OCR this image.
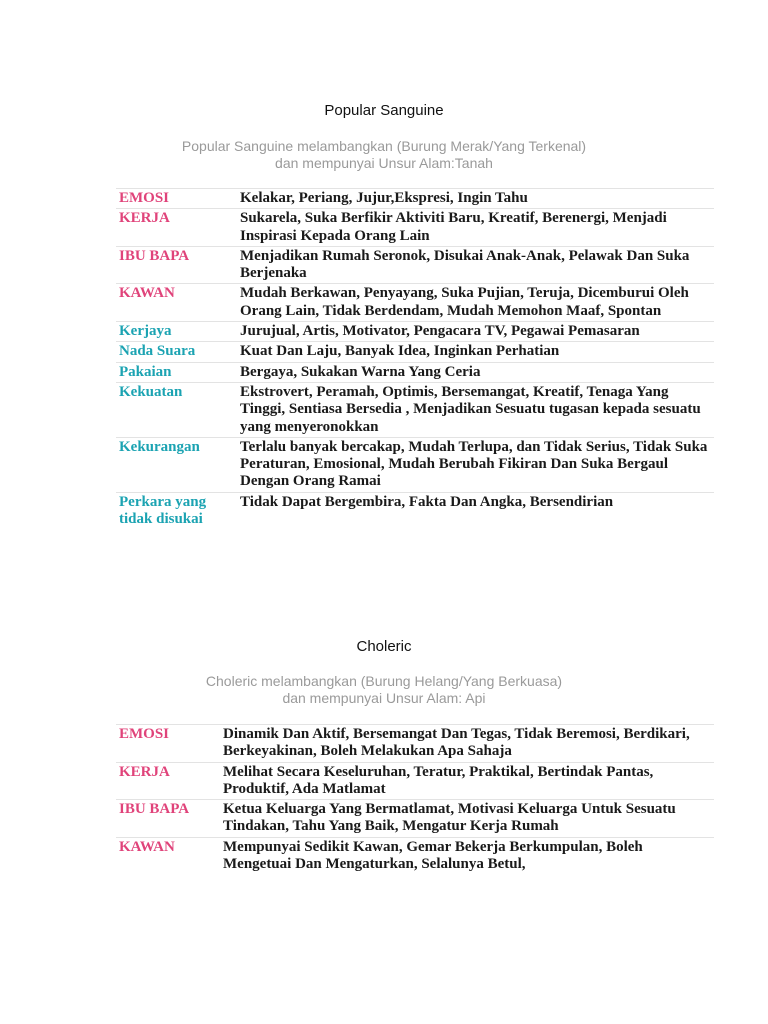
Popular Sanguine
Popular Sanguine melambangkan (Burung Merak/Yang Terkenal)
dan mempunyai Unsur Alam:Tanah
EMOSI	Kelakar, Periang, Jujur,Ekspresi, Ingin Tahu
KERJA	Sukarela, Suka Berfikir Aktiviti Baru, Kreatif, Berenergi, Menjadi Inspirasi Kepada Orang Lain
IBU BAPA	Menjadikan Rumah Seronok, Disukai Anak-Anak, Pelawak Dan Suka Berjenaka
KAWAN	Mudah Berkawan, Penyayang, Suka Pujian, Teruja, Dicemburui Oleh Orang Lain, Tidak Berdendam, Mudah Memohon Maaf, Spontan
Kerjaya	Jurujual, Artis, Motivator, Pengacara TV, Pegawai Pemasaran
Nada Suara	Kuat Dan Laju, Banyak Idea, Inginkan Perhatian
Pakaian	Bergaya, Sukakan Warna Yang Ceria
Kekuatan	Ekstrovert, Peramah, Optimis, Bersemangat, Kreatif, Tenaga Yang Tinggi, Sentiasa Bersedia , Menjadikan Sesuatu tugasan kepada sesuatu yang menyeronokkan
Kekurangan	Terlalu banyak bercakap, Mudah Terlupa, dan Tidak Serius, Tidak Suka Peraturan, Emosional, Mudah Berubah Fikiran Dan Suka Bergaul Dengan Orang Ramai
Perkara yang tidak disukai	Tidak Dapat Bergembira, Fakta Dan Angka, Bersendirian
Choleric
Choleric melambangkan (Burung Helang/Yang Berkuasa)
dan mempunyai Unsur Alam: Api
EMOSI	Dinamik Dan Aktif, Bersemangat Dan Tegas, Tidak Beremosi, Berdikari, Berkeyakinan, Boleh Melakukan Apa Sahaja
KERJA	Melihat Secara Keseluruhan, Teratur, Praktikal, Bertindak Pantas, Produktif, Ada Matlamat
IBU BAPA	Ketua Keluarga Yang Bermatlamat, Motivasi Keluarga Untuk Sesuatu Tindakan, Tahu Yang Baik, Mengatur Kerja Rumah
KAWAN	Mempunyai Sedikit Kawan, Gemar Bekerja Berkumpulan, Boleh Mengetuai Dan Mengaturkan, Selalunya Betul,
